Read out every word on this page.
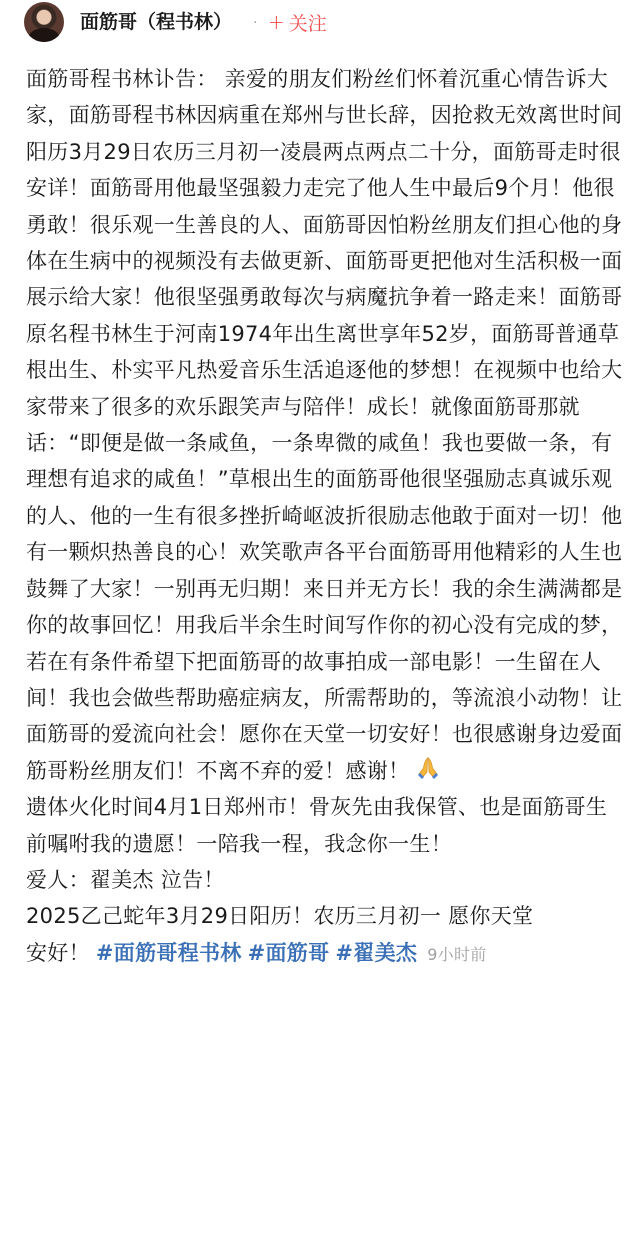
面筋哥（程书林） · + 关注

面筋哥程书林讣告： 亲爱的朋友们粉丝们怀着沉重心情告诉大家，面筋哥程书林因病重在郑州与世长辞，因抢救无效离世时间阳历3月29日农历三月初一凌晨两点两点二十分，面筋哥走时很安详！面筋哥用他最坚强毅力走完了他人生中最后9个月！他很勇敢！很乐观一生善良的人、面筋哥因怕粉丝朋友们担心他的身体在生病中的视频没有去做更新、面筋哥更把他对生活积极一面展示给大家！他很坚强勇敢每次与病魔抗争着一路走来！面筋哥原名程书林生于河南1974年出生离世享年52岁，面筋哥普通草根出生、朴实平凡热爱音乐生活追逐他的梦想！在视频中也给大家带来了很多的欢乐跟笑声与陪伴！成长！就像面筋哥那就话：“即便是做一条咸鱼，一条卑微的咸鱼！我也要做一条，有理想有追求的咸鱼！”草根出生的面筋哥他很坚强励志真诚乐观的人、他的一生有很多挫折崎岖波折很励志他敢于面对一切！他有一颗炽热善良的心！欢笑歌声各平台面筋哥用他精彩的人生也鼓舞了大家！一别再无归期！来日并无方长！我的余生满满都是你的故事回忆！用我后半余生时间写作你的初心没有完成的梦，若在有条件希望下把面筋哥的故事拍成一部电影！一生留在人间！我也会做些帮助癌症病友，所需帮助的，等流浪小动物！让面筋哥的爱流向社会！愿你在天堂一切安好！也很感谢身边爱面筋哥粉丝朋友们！不离不弃的爱！感谢！

遗体火化时间4月1日郑州市！骨灰先由我保管、也是面筋哥生前嘱咐我的遗愿！一陪我一程，我念你一生！

爱人：翟美杰 泣告！

2025乙己蛇年3月29日阳历！农历三月初一 愿你天堂

安好！ #面筋哥程书林 #面筋哥 #翟美杰 9小时前
